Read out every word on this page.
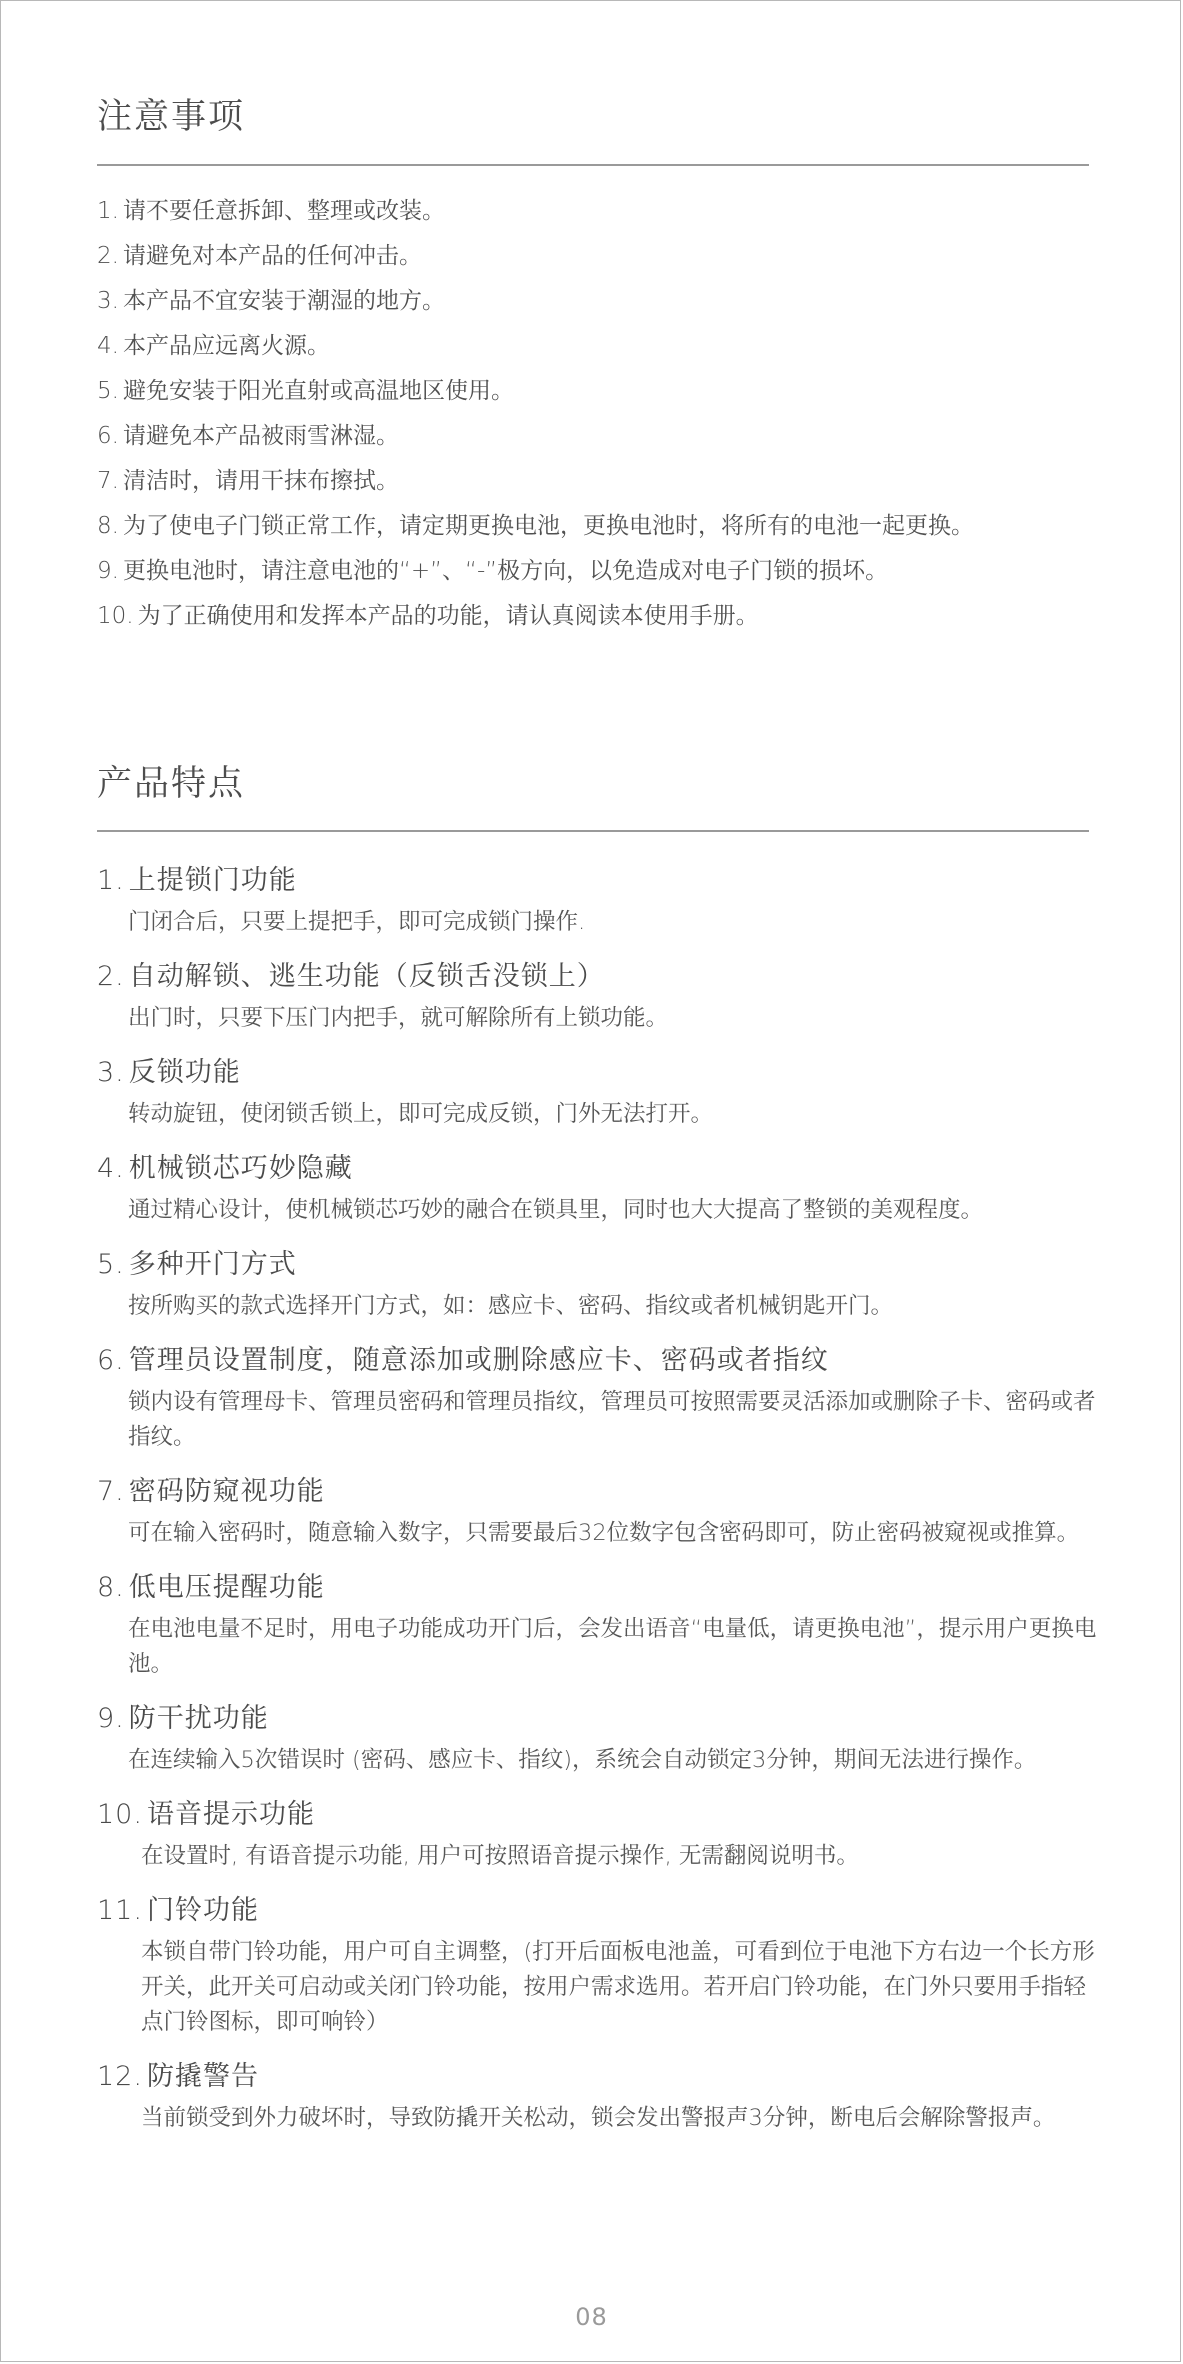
注意事项
1. 请不要任意拆卸、整理或改装。
2. 请避免对本产品的任何冲击。
3. 本产品不宜安装于潮湿的地方。
4. 本产品应远离火源。
5. 避免安装于阳光直射或高温地区使用。
6. 请避免本产品被雨雪淋湿。
7. 清洁时，请用干抹布擦拭。
8. 为了使电子门锁正常工作，请定期更换电池，更换电池时，将所有的电池一起更换。
9. 更换电池时，请注意电池的“+”、“-”极方向，以免造成对电子门锁的损坏。
10. 为了正确使用和发挥本产品的功能，请认真阅读本使用手册。
产品特点
1. 上提锁门功能
门闭合后，只要上提把手，即可完成锁门操作.
2. 自动解锁、逃生功能（反锁舌没锁上）
出门时，只要下压门内把手，就可解除所有上锁功能。
3. 反锁功能
转动旋钮，使闭锁舌锁上，即可完成反锁，门外无法打开。
4. 机械锁芯巧妙隐藏
通过精心设计，使机械锁芯巧妙的融合在锁具里，同时也大大提高了整锁的美观程度。
5. 多种开门方式
按所购买的款式选择开门方式，如：感应卡、密码、指纹或者机械钥匙开门。
6. 管理员设置制度，随意添加或删除感应卡、密码或者指纹
锁内设有管理母卡、管理员密码和管理员指纹，管理员可按照需要灵活添加或删除子卡、密码或者指纹。
7. 密码防窥视功能
可在输入密码时，随意输入数字，只需要最后32位数字包含密码即可，防止密码被窥视或推算。
8. 低电压提醒功能
在电池电量不足时，用电子功能成功开门后，会发出语音“电量低，请更换电池”，提示用户更换电池。
9. 防干扰功能
在连续输入5次错误时 (密码、感应卡、指纹)，系统会自动锁定3分钟，期间无法进行操作。
10. 语音提示功能
在设置时, 有语音提示功能, 用户可按照语音提示操作, 无需翻阅说明书。
11. 门铃功能
本锁自带门铃功能，用户可自主调整，(打开后面板电池盖，可看到位于电池下方右边一个长方形开关，此开关可启动或关闭门铃功能，按用户需求选用。若开启门铃功能，在门外只要用手指轻点门铃图标，即可响铃）
12. 防撬警告
当前锁受到外力破坏时，导致防撬开关松动，锁会发出警报声3分钟，断电后会解除警报声。
08
